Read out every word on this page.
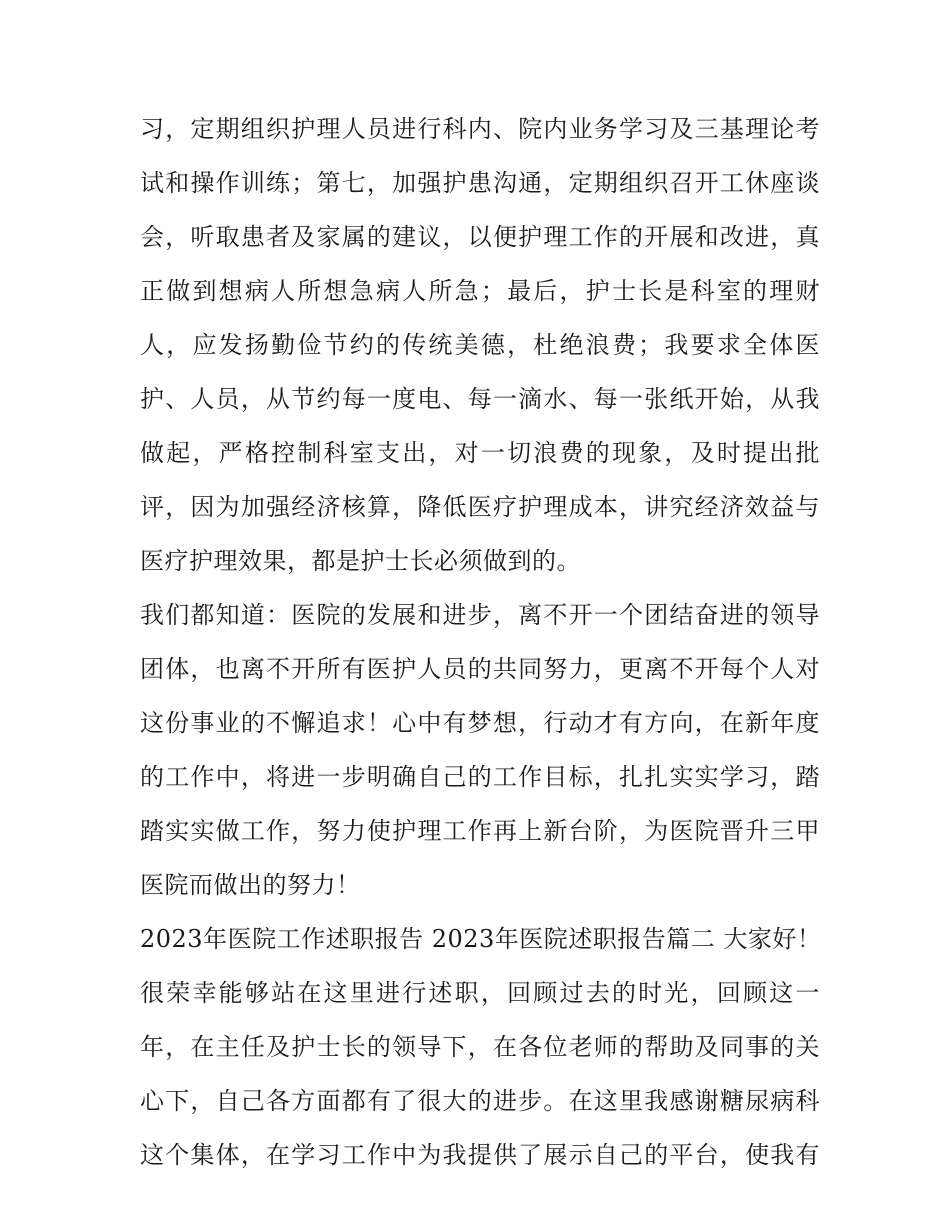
习，定期组织护理人员进行科内、院内业务学习及三基理论考
试和操作训练；第七，加强护患沟通，定期组织召开工休座谈
会，听取患者及家属的建议，以便护理工作的开展和改进，真
正做到想病人所想急病人所急；最后，护士长是科室的理财
人，应发扬勤俭节约的传统美德，杜绝浪费；我要求全体医
护、人员，从节约每一度电、每一滴水、每一张纸开始，从我
做起，严格控制科室支出，对一切浪费的现象，及时提出批
评，因为加强经济核算，降低医疗护理成本，讲究经济效益与
医疗护理效果，都是护士长必须做到的。
我们都知道：医院的发展和进步，离不开一个团结奋进的领导
团体，也离不开所有医护人员的共同努力，更离不开每个人对
这份事业的不懈追求！心中有梦想，行动才有方向，在新年度
的工作中，将进一步明确自己的工作目标，扎扎实实学习，踏
踏实实做工作，努力使护理工作再上新台阶，为医院晋升三甲
医院而做出的努力！
2023年医院工作述职报告 2023年医院述职报告篇二 大家好！
很荣幸能够站在这里进行述职，回顾过去的时光，回顾这一
年，在主任及护士长的领导下，在各位老师的帮助及同事的关
心下，自己各方面都有了很大的进步。在这里我感谢糖尿病科
这个集体，在学习工作中为我提供了展示自己的平台，使我有
